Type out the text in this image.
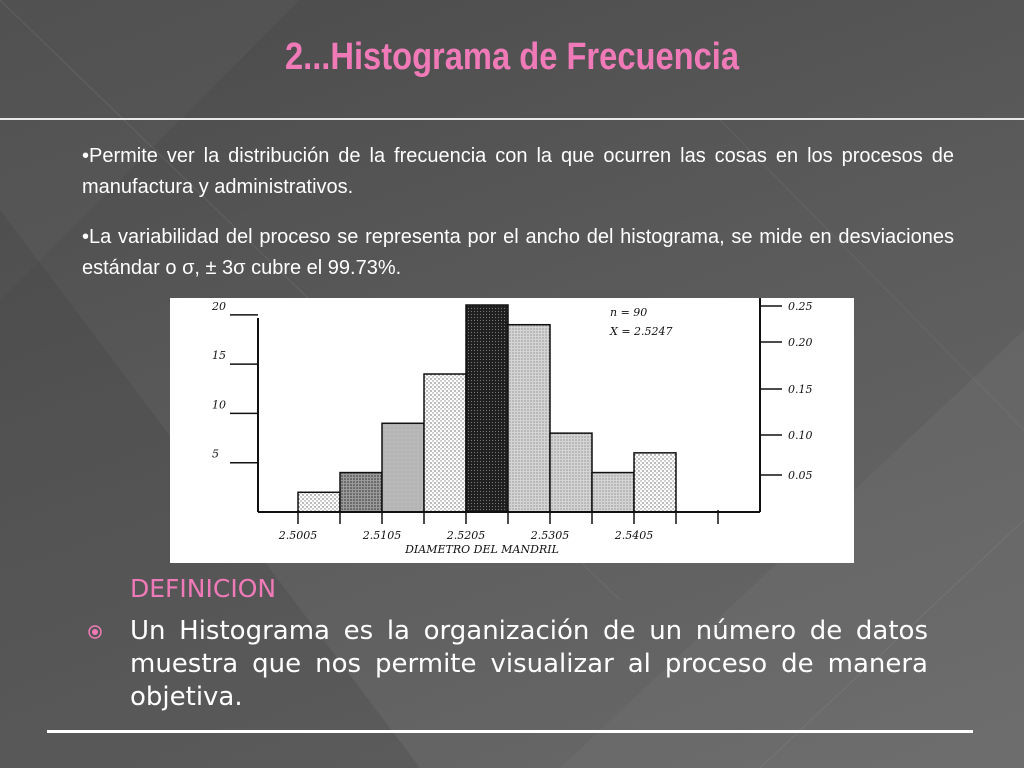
2...Histograma de Frecuencia
•Permite ver la distribución de la frecuencia con la que ocurren las cosas en los procesos de manufactura y administrativos.
•La variabilidad del proceso se representa por el ancho del histograma, se mide en desviaciones estándar o σ, ± 3σ cubre el 99.73%.
5
10
15
20
0.05
0.10
0.15
0.20
0.25
2.5005	2.5105	2.5205	2.5305	2.5405
DIAMETRO DEL MANDRIL
n = 90
X = 2.5247
DEFINICION
Un Histograma es la organización de un número de datos muestra que nos permite visualizar al proceso de manera objetiva.
